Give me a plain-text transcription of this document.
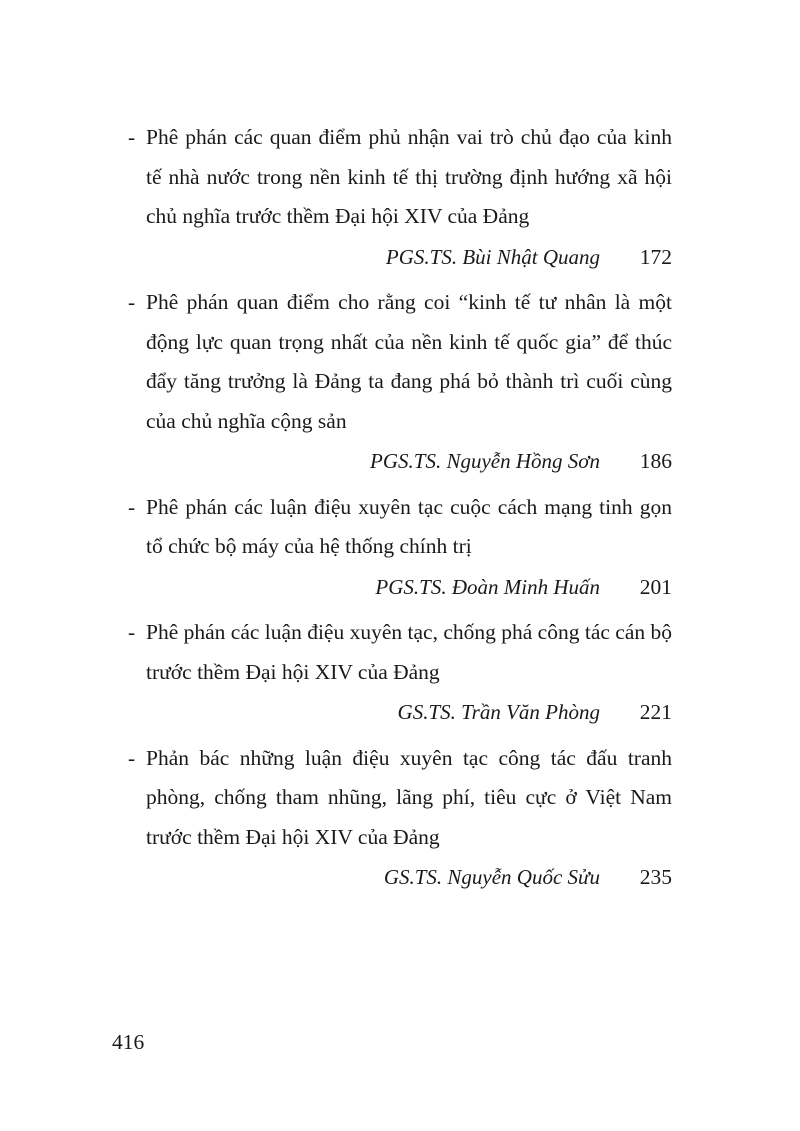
- Phê phán các quan điểm phủ nhận vai trò chủ đạo của kinh tế nhà nước trong nền kinh tế thị trường định hướng xã hội chủ nghĩa trước thềm Đại hội XIV của Đảng
PGS.TS. Bùi Nhật Quang	172
- Phê phán quan điểm cho rằng coi “kinh tế tư nhân là một động lực quan trọng nhất của nền kinh tế quốc gia” để thúc đẩy tăng trưởng là Đảng ta đang phá bỏ thành trì cuối cùng của chủ nghĩa cộng sản
PGS.TS. Nguyễn Hồng Sơn	186
- Phê phán các luận điệu xuyên tạc cuộc cách mạng tinh gọn tổ chức bộ máy của hệ thống chính trị
PGS.TS. Đoàn Minh Huấn	201
- Phê phán các luận điệu xuyên tạc, chống phá công tác cán bộ trước thềm Đại hội XIV của Đảng
GS.TS. Trần Văn Phòng	221
- Phản bác những luận điệu xuyên tạc công tác đấu tranh phòng, chống tham nhũng, lãng phí, tiêu cực ở Việt Nam trước thềm Đại hội XIV của Đảng
GS.TS. Nguyễn Quốc Sửu	235
416
